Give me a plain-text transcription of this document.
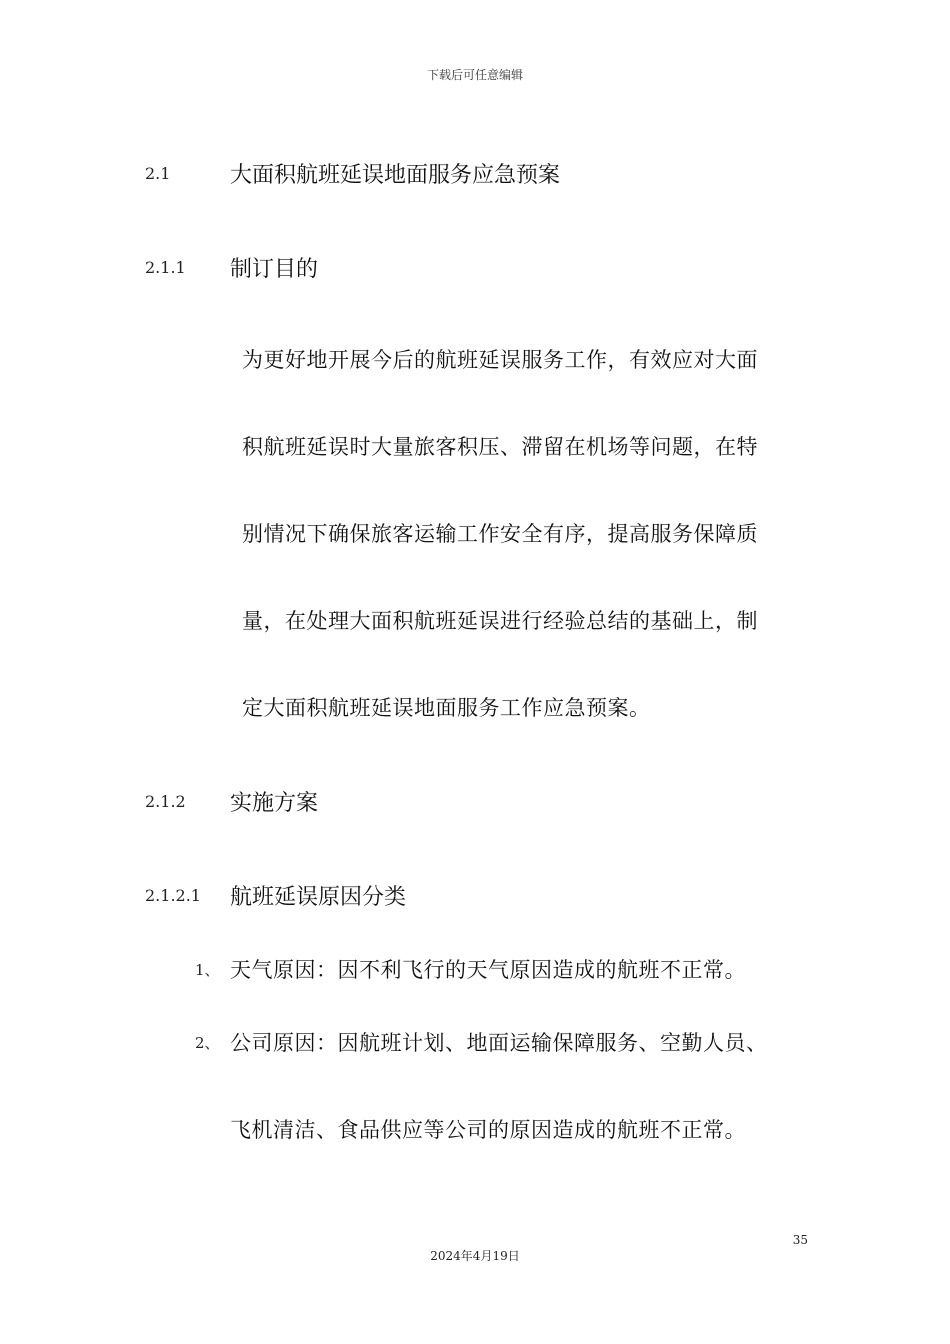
下载后可任意编辑
2.1	大面积航班延误地面服务应急预案
2.1.1	制订目的
为更好地开展今后的航班延误服务工作，有效应对大面
积航班延误时大量旅客积压、滞留在机场等问题，在特
别情况下确保旅客运输工作安全有序，提高服务保障质
量，在处理大面积航班延误进行经验总结的基础上，制
定大面积航班延误地面服务工作应急预案。
2.1.2	实施方案
2.1.2.1	航班延误原因分类
1、 天气原因：因不利飞行的天气原因造成的航班不正常。
2、 公司原因：因航班计划、地面运输保障服务、空勤人员、
飞机清洁、食品供应等公司的原因造成的航班不正常。
35
2024年4月19日
